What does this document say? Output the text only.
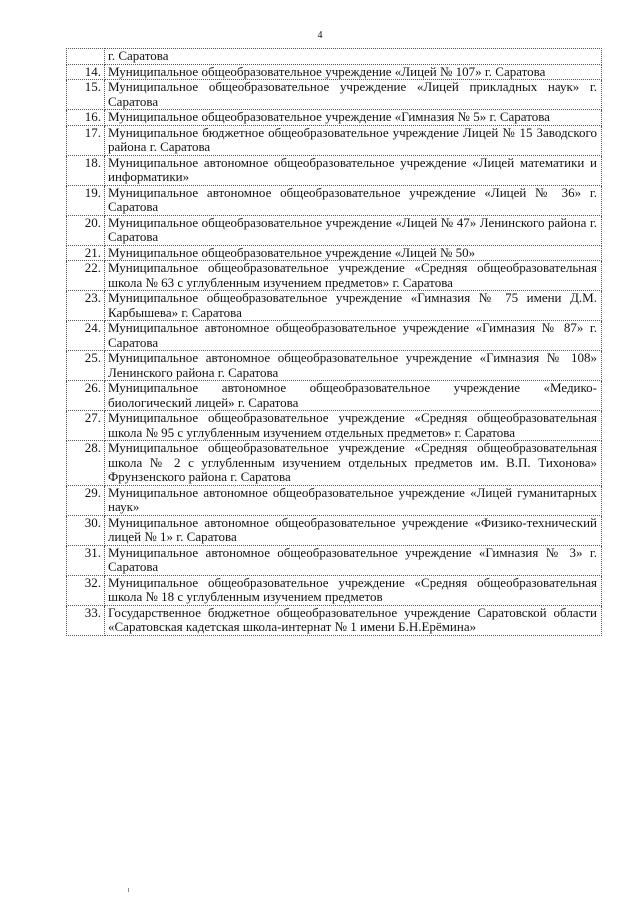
4
	г. Саратова
14.	Муниципальное общеобразовательное учреждение «Лицей № 107» г. Саратова
15.	Муниципальное общеобразовательное учреждение «Лицей прикладных наук» г. Саратова
16.	Муниципальное общеобразовательное учреждение «Гимназия № 5» г. Саратова
17.	Муниципальное бюджетное общеобразовательное учреждение Лицей № 15 Заводского района г. Саратова
18.	Муниципальное автономное общеобразовательное учреждение «Лицей математики и информатики»
19.	Муниципальное автономное общеобразовательное учреждение «Лицей № 36» г. Саратова
20.	Муниципальное общеобразовательное учреждение «Лицей № 47» Ленинского района г. Саратова
21.	Муниципальное общеобразовательное учреждение «Лицей № 50»
22.	Муниципальное общеобразовательное учреждение «Средняя общеобразовательная школа № 63 с углубленным изучением предметов» г. Саратова
23.	Муниципальное общеобразовательное учреждение «Гимназия № 75 имени Д.М. Карбышева» г. Саратова
24.	Муниципальное автономное общеобразовательное учреждение «Гимназия № 87» г. Саратова
25.	Муниципальное автономное общеобразовательное учреждение «Гимназия № 108» Ленинского района г. Саратова
26.	Муниципальное автономное общеобразовательное учреждение «Медико-биологический лицей» г. Саратова
27.	Муниципальное общеобразовательное учреждение «Средняя общеобразовательная школа № 95 с углубленным изучением отдельных предметов» г. Саратова
28.	Муниципальное общеобразовательное учреждение «Средняя общеобразовательная школа № 2 с углубленным изучением отдельных предметов им. В.П. Тихонова» Фрунзенского района г. Саратова
29.	Муниципальное автономное общеобразовательное учреждение «Лицей гуманитарных наук»
30.	Муниципальное автономное общеобразовательное учреждение «Физико-технический лицей № 1» г. Саратова
31.	Муниципальное автономное общеобразовательное учреждение «Гимназия № 3» г. Саратова
32.	Муниципальное общеобразовательное учреждение «Средняя общеобразовательная школа № 18 с углубленным изучением предметов
33.	Государственное бюджетное общеобразовательное учреждение Саратовской области «Саратовская кадетская школа-интернат № 1 имени Б.Н.Ерёмина»
